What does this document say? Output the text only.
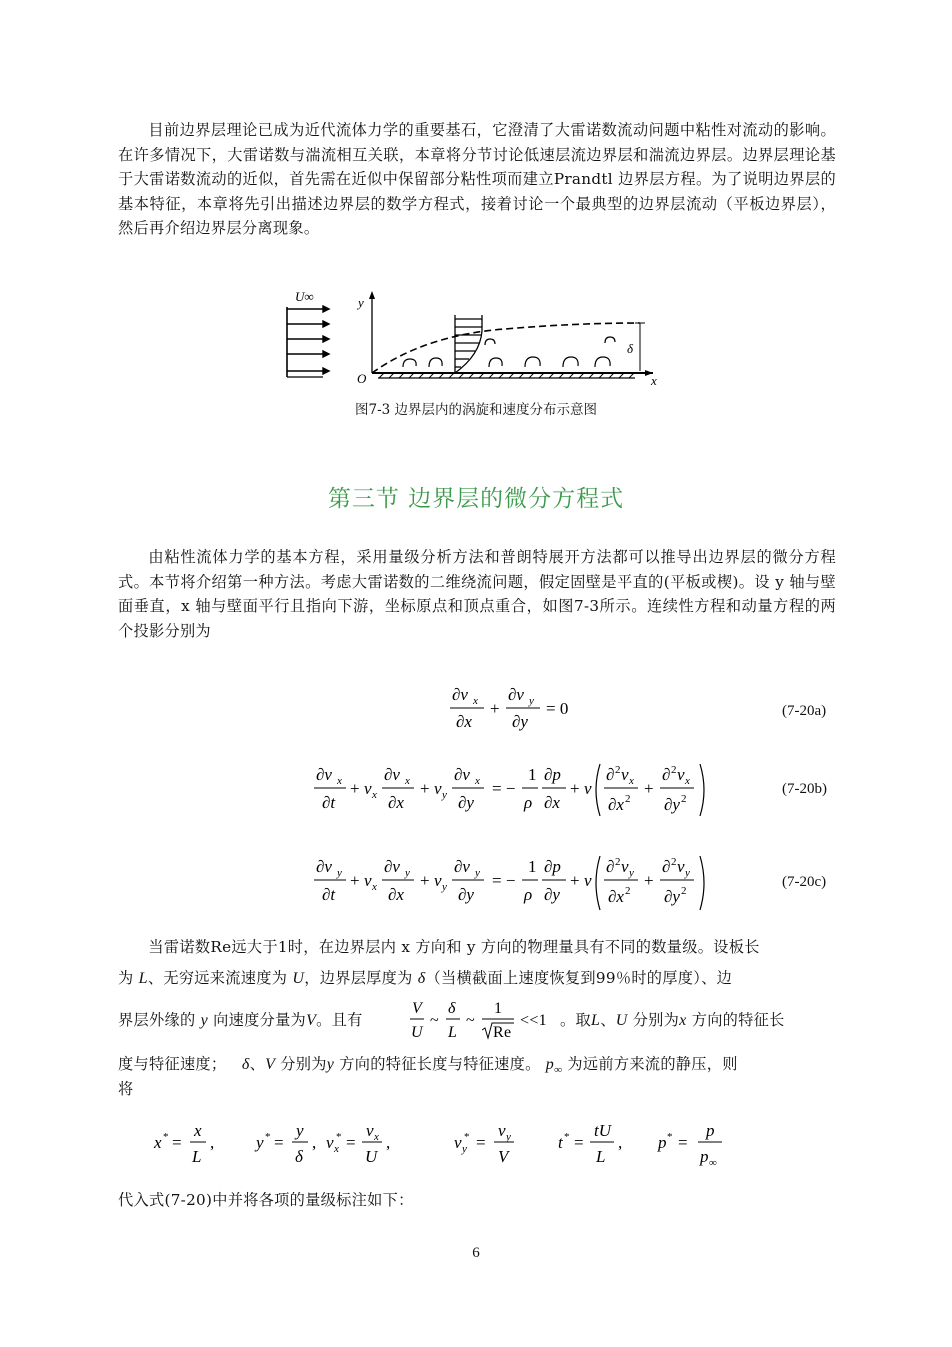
目前边界层理论已成为近代流体力学的重要基石，它澄清了大雷诺数流动问题中粘性对流动的影响。在许多情况下，大雷诺数与湍流相互关联，本章将分节讨论低速层流边界层和湍流边界层。边界层理论基于大雷诺数流动的近似，首先需在近似中保留部分粘性项而建立Prandtl 边界层方程。为了说明边界层的基本特征，本章将先引出描述边界层的数学方程式，接着讨论一个最典型的边界层流动（平板边界层），然后再介绍边界层分离现象。
U∞	y
O	x
δ
图7-3 边界层内的涡旋和速度分布示意图
第三节 边界层的微分方程式
由粘性流体力学的基本方程，采用量级分析方法和普朗特展开方法都可以推导出边界层的微分方程式。本节将介绍第一种方法。考虑大雷诺数的二维绕流问题，假定固壁是平直的(平板或楔)。设 y 轴与壁面垂直，x 轴与壁面平行且指向下游，坐标原点和顶点重合，如图7-3所示。连续性方程和动量方程的两个投影分别为
∂v x
∂x
+
∂v y
∂y
= 0	(7-20a)
∂v x
∂t
+ v x
∂v x
∂x
+ v y
∂v x
∂y
= −
1
ρ
∂p
∂x
+ ν
∂ 2 v x
∂x 2
+
∂ 2 v x
∂y 2
(7-20b)
∂v y
∂t
+ v x
∂v y
∂x
+ v y
∂v y
∂y
= −
1
ρ
∂p
∂y
+ ν
∂ 2 v y
∂x 2
+
∂ 2 v y
∂y 2
(7-20c)
当雷诺数Re远大于1时，在边界层内 x 方向和 y 方向的物理量具有不同的数量级。设板长
为 L、无穷远来流速度为 U，边界层厚度为 δ（当横截面上速度恢复到99％时的厚度）、边
界层外缘的 y 向速度分量为V。且有
V
U
~
δ
L
~
1
Re
<<1 。取L、U 分别为x 方向的特征长
度与特征速度； δ、V 分别为y 方向的特征长度与特征速度。 $p_\infty$ 为远前方来流的静压，则
将
x * =
x
L
, y * =
y
δ
, v x
* =
v x
U
,	v y
* =
v y
V
t * =
tU
L
, p * =
p
p ∞
代入式(7-20)中并将各项的量级标注如下：
6
